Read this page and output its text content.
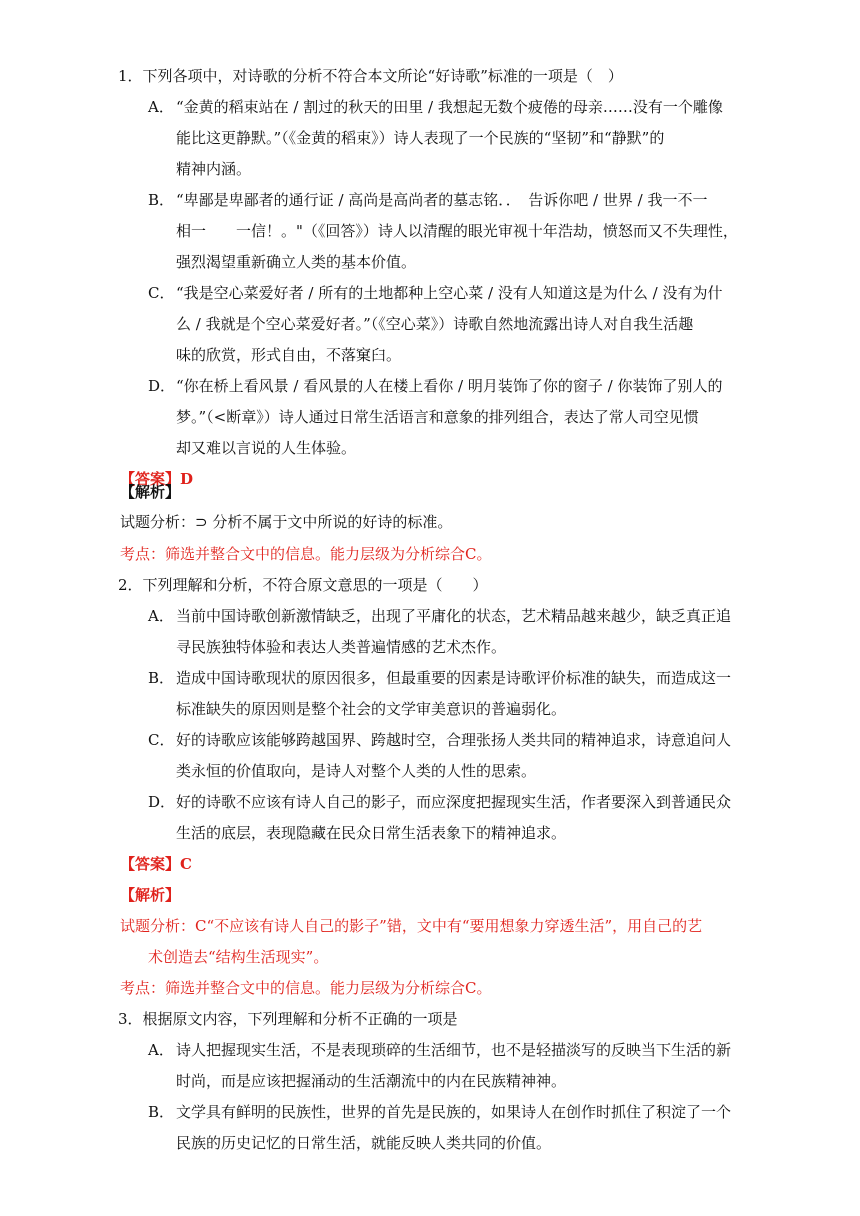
1．下列各项中，对诗歌的分析不符合本文所论“好诗歌”标准的一项是（　）
A． “金黄的稻束站在 / 割过的秋天的田里 / 我想起无数个疲倦的母亲……没有一个雕像
能比这更静默。”（《金黄的稻束》）诗人表现了一个民族的“坚韧”和“静默”的
精神内涵。
B． “卑鄙是卑鄙者的通行证 / 高尚是高尚者的墓志铭．．　告诉你吧 / 世界 / 我一不一
相一　　一信！。"（《回答》）诗人以清醒的眼光审视十年浩劫，愤怒而又不失理性，
强烈渴望重新确立人类的基本价值。
C． “我是空心菜爱好者 / 所有的土地都种上空心菜 / 没有人知道这是为什么 / 没有为什
么 / 我就是个空心菜爱好者。”（《空心菜》）诗歌自然地流露出诗人对自我生活趣
味的欣赏，形式自由，不落窠臼。
D．“你在桥上看风景 / 看风景的人在楼上看你 / 明月装饰了你的窗子 / 你装饰了别人的
梦。”（<断章》）诗人通过日常生活语言和意象的排列组合，表达了常人司空见惯
却又难以言说的人生体验。
【答案】D
【解析】
试题分析：⊃ 分析不属于文中所说的好诗的标准。
考点：筛选并整合文中的信息。能力层级为分析综合C。
2．下列理解和分析，不符合原文意思的一项是（　　）
A． 当前中国诗歌创新激情缺乏，出现了平庸化的状态，艺术精品越来越少，缺乏真正追
寻民族独特体验和表达人类普遍情感的艺术杰作。
B． 造成中国诗歌现状的原因很多，但最重要的因素是诗歌评价标准的缺失，而造成这一
标准缺失的原因则是整个社会的文学审美意识的普遍弱化。
C． 好的诗歌应该能够跨越国界、跨越时空，合理张扬人类共同的精神追求，诗意追问人
类永恒的价值取向，是诗人对整个人类的人性的思索。
D．好的诗歌不应该有诗人自己的影子，而应深度把握现实生活，作者要深入到普通民众
生活的底层，表现隐藏在民众日常生活表象下的精神追求。
【答案】C
【解析】
试题分析：C“不应该有诗人自己的影子”错，文中有“要用想象力穿透生活”，用自己的艺
术创造去“结构生活现实”。
考点：筛选并整合文中的信息。能力层级为分析综合C。
3．根据原文内容，下列理解和分析不正确的一项是
A． 诗人把握现实生活，不是表现琐碎的生活细节，也不是轻描淡写的反映当下生活的新
时尚，而是应该把握涌动的生活潮流中的内在民族精神神。
B． 文学具有鲜明的民族性，世界的首先是民族的，如果诗人在创作时抓住了积淀了一个
民族的历史记忆的日常生活，就能反映人类共同的价值。
